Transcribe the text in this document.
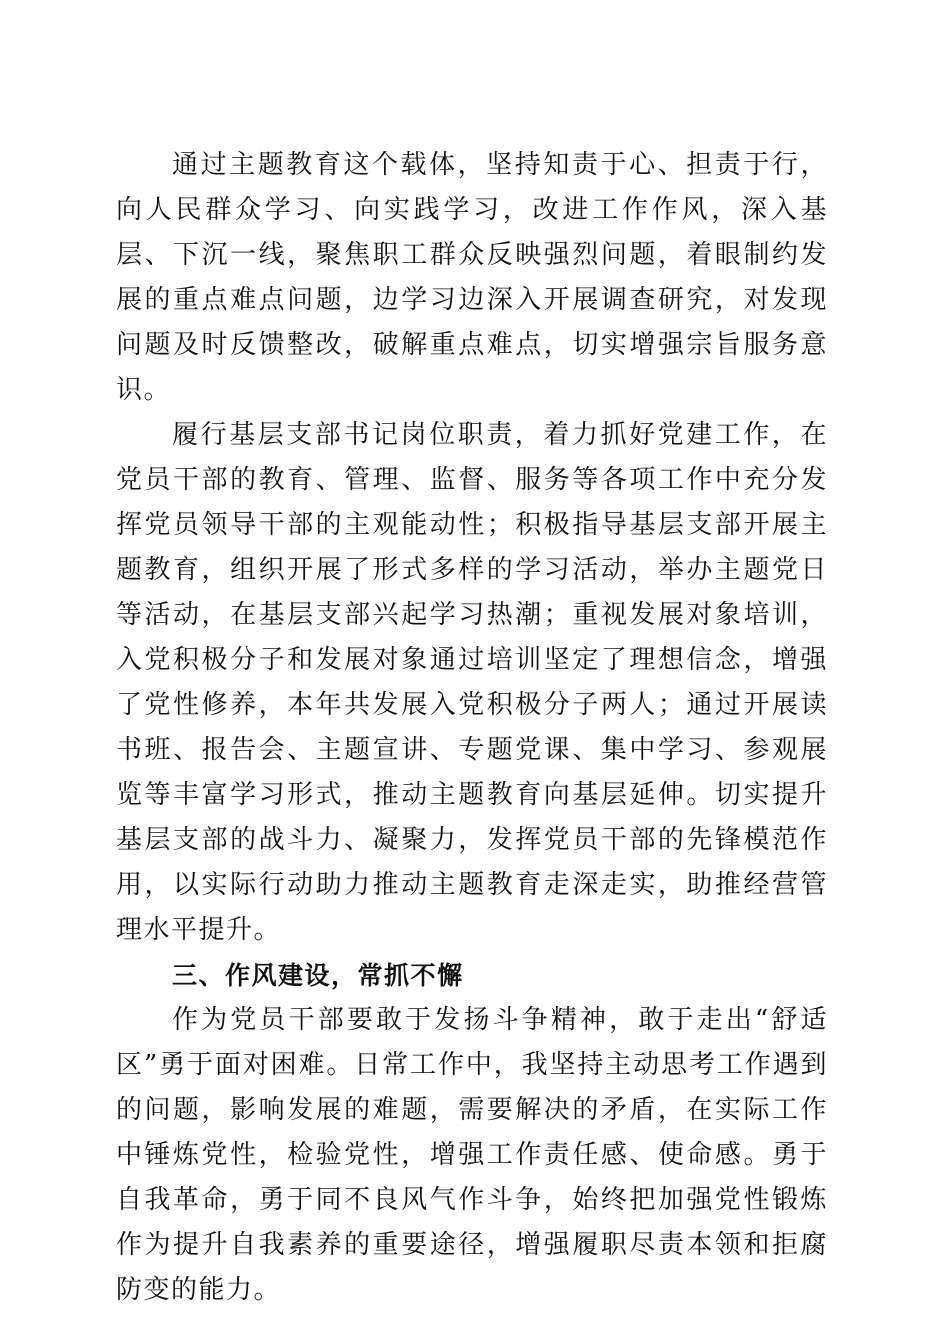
通过主题教育这个载体，坚持知责于心、担责于行，向人民群众学习、向实践学习，改进工作作风，深入基层、下沉一线，聚焦职工群众反映强烈问题，着眼制约发展的重点难点问题，边学习边深入开展调查研究，对发现问题及时反馈整改，破解重点难点，切实增强宗旨服务意识。

履行基层支部书记岗位职责，着力抓好党建工作，在党员干部的教育、管理、监督、服务等各项工作中充分发挥党员领导干部的主观能动性；积极指导基层支部开展主题教育，组织开展了形式多样的学习活动，举办主题党日等活动，在基层支部兴起学习热潮；重视发展对象培训，入党积极分子和发展对象通过培训坚定了理想信念，增强了党性修养，本年共发展入党积极分子两人；通过开展读书班、报告会、主题宣讲、专题党课、集中学习、参观展览等丰富学习形式，推动主题教育向基层延伸。切实提升基层支部的战斗力、凝聚力，发挥党员干部的先锋模范作用，以实际行动助力推动主题教育走深走实，助推经营管理水平提升。

三、作风建设，常抓不懈

作为党员干部要敢于发扬斗争精神，敢于走出“舒适区”勇于面对困难。日常工作中，我坚持主动思考工作遇到的问题，影响发展的难题，需要解决的矛盾，在实际工作中锤炼党性，检验党性，增强工作责任感、使命感。勇于自我革命，勇于同不良风气作斗争，始终把加强党性锻炼作为提升自我素养的重要途径，增强履职尽责本领和拒腐防变的能力。
